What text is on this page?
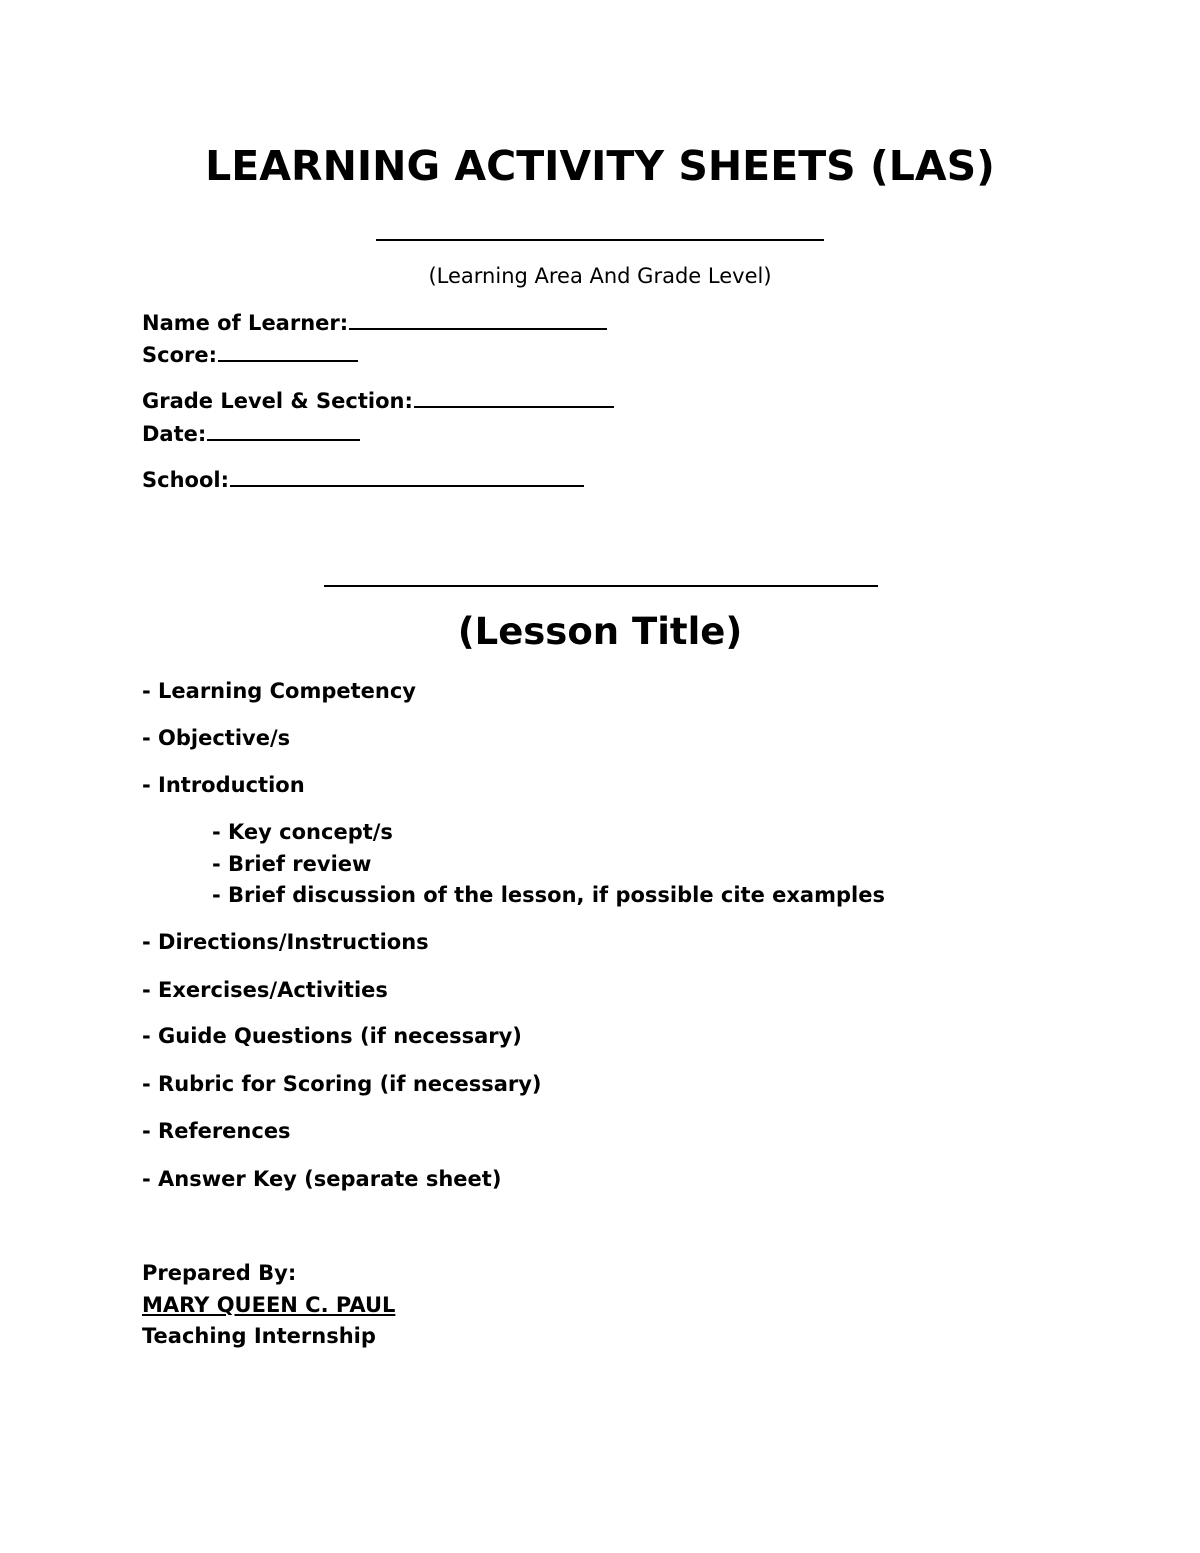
LEARNING ACTIVITY SHEETS (LAS)
(Learning Area And Grade Level)
Name of Learner:
Score:
Grade Level & Section:
Date:
School:
(Lesson Title)
- Learning Competency
- Objective/s
- Introduction
- Key concept/s
- Brief review
- Brief discussion of the lesson, if possible cite examples
- Directions/Instructions
- Exercises/Activities
- Guide Questions (if necessary)
- Rubric for Scoring (if necessary)
- References
- Answer Key (separate sheet)
Prepared By:
MARY QUEEN C. PAUL
Teaching Internship
